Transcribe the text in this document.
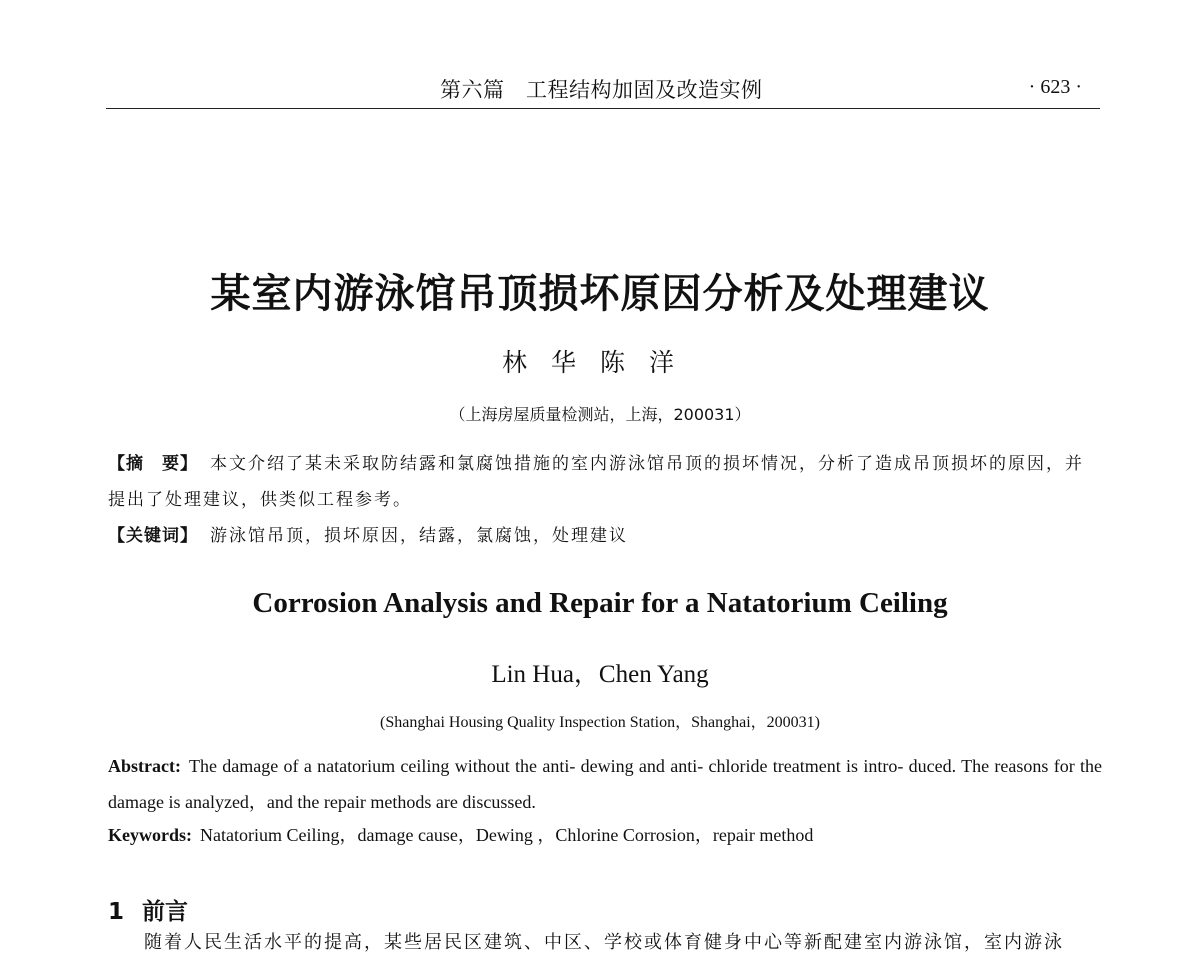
第六篇　工程结构加固及改造实例	· 623 ·
某室内游泳馆吊顶损坏原因分析及处理建议
林华陈洋
（上海房屋质量检测站，上海，200031）
【摘　要】 本文介绍了某未采取防结露和氯腐蚀措施的室内游泳馆吊顶的损坏情况，分析了造成吊顶损坏的原因，并提出了处理建议，供类似工程参考。
【关键词】 游泳馆吊顶，损坏原因，结露，氯腐蚀，处理建议
Corrosion Analysis and Repair for a Natatorium Ceiling
Lin Hua，Chen Yang
(Shanghai Housing Quality Inspection Station，Shanghai，200031)
Abstract: The damage of a natatorium ceiling without the anti- dewing and anti- chloride treatment is intro- duced. The reasons for the damage is analyzed，and the repair methods are discussed.
Keywords: Natatorium Ceiling，damage cause，Dewing ，Chlorine Corrosion，repair method
1 前言
随着人民生活水平的提高，某些居民区建筑、中区、学校或体育健身中心等新配建室内游泳馆，室内游泳
